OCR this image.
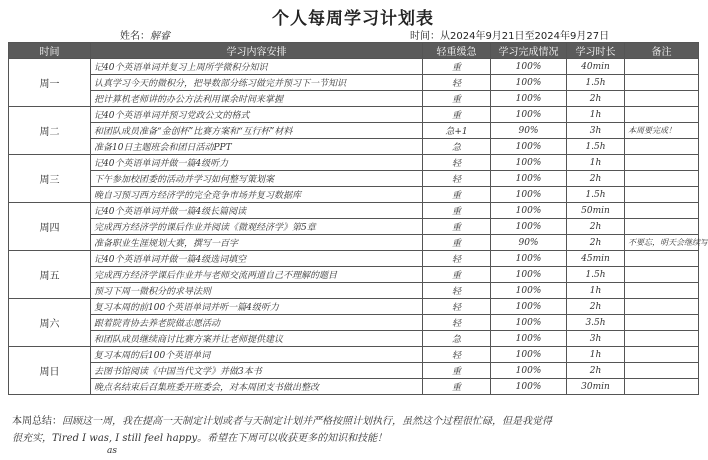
个人每周学习计划表
姓名：解睿	时间：从2024年9月21日至2024年9月27日
时间	学习内容安排	轻重缓急	学习完成情况	学习时长	备注
周一	记40个英语单词并复习上周所学微积分知识	重	100%	40min	
	认真学习今天的微积分，把导数部分练习做完并预习下一节知识	轻	100%	1.5h	
	把计算机老师讲的办公方法利用课余时间来掌握	重	100%	2h	
周二	记40个英语单词并预习党政公文的格式	重	100%	1h	
	和团队成员准备“金创杯”比赛方案和“互行杯”材料	急+1	90%	3h	本周要完成！
	准备10日主题班会和团日活动PPT	急	100%	1.5h	
周三	记40个英语单词并做一篇4级听力	轻	100%	1h	
	下午参加校团委的活动并学习如何整写策划案	轻	100%	2h	
	晚自习预习西方经济学的完全竞争市场并复习数据库	重	100%	1.5h	
周四	记40个英语单词并做一篇4级长篇阅读	重	100%	50min	
	完成西方经济学的课后作业并阅读《微观经济学》第5章	重	100%	2h	
	准备职业生涯规划大赛，撰写一百字	重	90%	2h	不要忘，明天会继续写
周五	记40个英语单词并做一篇4级选词填空	轻	100%	45min	
	完成西方经济学课后作业并与老师交流两道自己不理解的题目	重	100%	1.5h	
	预习下周一微积分的求导法则	轻	100%	1h	
周六	复习本周的前100个英语单词并听一篇4级听力	轻	100%	2h	
	跟着院青协去养老院做志愿活动	轻	100%	3.5h	
	和团队成员继续商讨比赛方案并让老师提供建议	急	100%	3h	
周日	复习本周的后100个英语单词	轻	100%	1h	
	去图书馆阅读《中国当代文学》并做3本书	重	100%	2h	
	晚点名结束后召集班委开班委会，对本周团支书做出整改	重	100%	30min	
本周总结：回顾这一周，我在提高一天制定计划或者与天制定计划并严格按照计划执行，虽然这个过程很忙碌，但是我觉得
很充实，Tired I was, I still feel happy。希望在下周可以收获更多的知识和技能！
as
